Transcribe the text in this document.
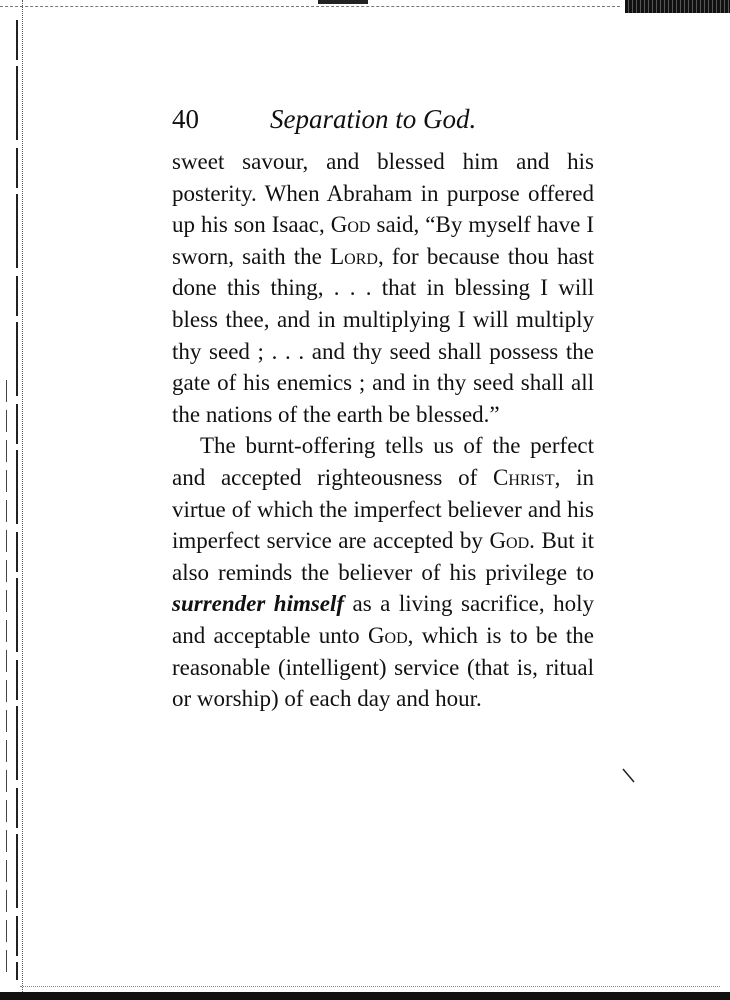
40	Separation to God.

sweet savour, and blessed him and his posterity. When Abraham in purpose offered up his son Isaac, God said, “By myself have I sworn, saith the Lord, for because thou hast done this thing, . . . that in blessing I will bless thee, and in multiplying I will multiply thy seed ; . . . and thy seed shall possess the gate of his enemics ; and in thy seed shall all the nations of the earth be blessed.”

The burnt-offering tells us of the perfect and accepted righteousness of Christ, in virtue of which the imperfect believer and his imperfect service are accepted by God. But it also reminds the believer of his privilege to surrender himself as a living sacrifice, holy and acceptable unto God, which is to be the reasonable (intelligent) service (that is, ritual or worship) of each day and hour.
